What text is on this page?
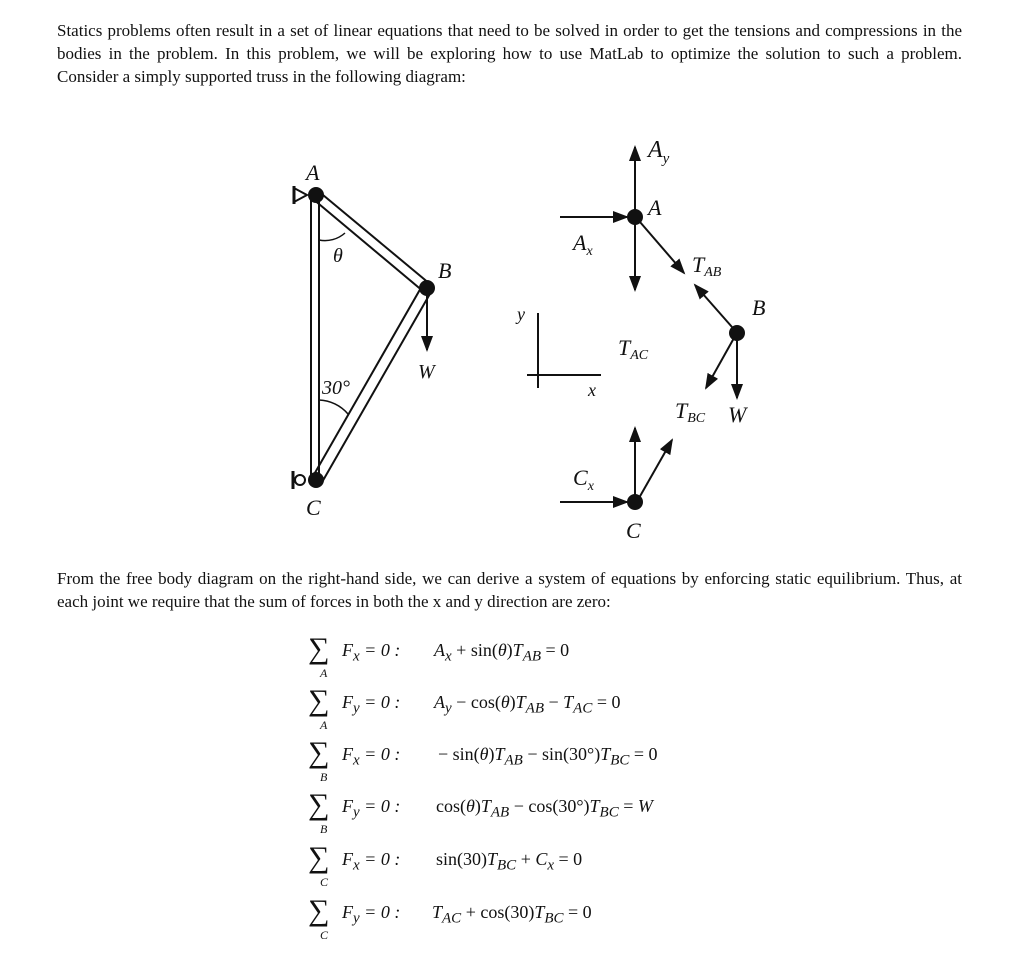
Statics problems often result in a set of linear equations that need to be solved in order to get the tensions and compressions in the bodies in the problem. In this problem, we will be exploring how to use MatLab to optimize the solution to such a problem. Consider a simply supported truss in the following diagram:

A
θ
B
W
30°
C
$A_y$
A
$A_x$
TAB
B
TAC
TBC W
y
x
$C_x$
C

From the free body diagram on the right-hand side, we can derive a system of equations by enforcing static equilibrium. Thus, at each joint we require that the sum of forces in both the x and y direction are zero:

∑
A
$F_x = 0$ : $A_x + \sin(\theta)T_{AB} = 0$
∑
A
$F_y = 0$ : $A_y - \cos(\theta)T_{AB} - T_{AC} = 0$
∑
B
$F_x = 0$ : − $\sin(\theta)T_{AB} - \sin(30^\circ)T_{BC} = 0$
∑
B
$F_y = 0$ : $\cos(\theta)T_{AB} - \cos(30^\circ)T_{BC} = W$
∑
C
$F_x = 0$ : $\sin(30)T_{BC} + C_x = 0$
∑
C
$F_y = 0$ : $T_{AC} + \cos(30)T_{BC} = 0$
